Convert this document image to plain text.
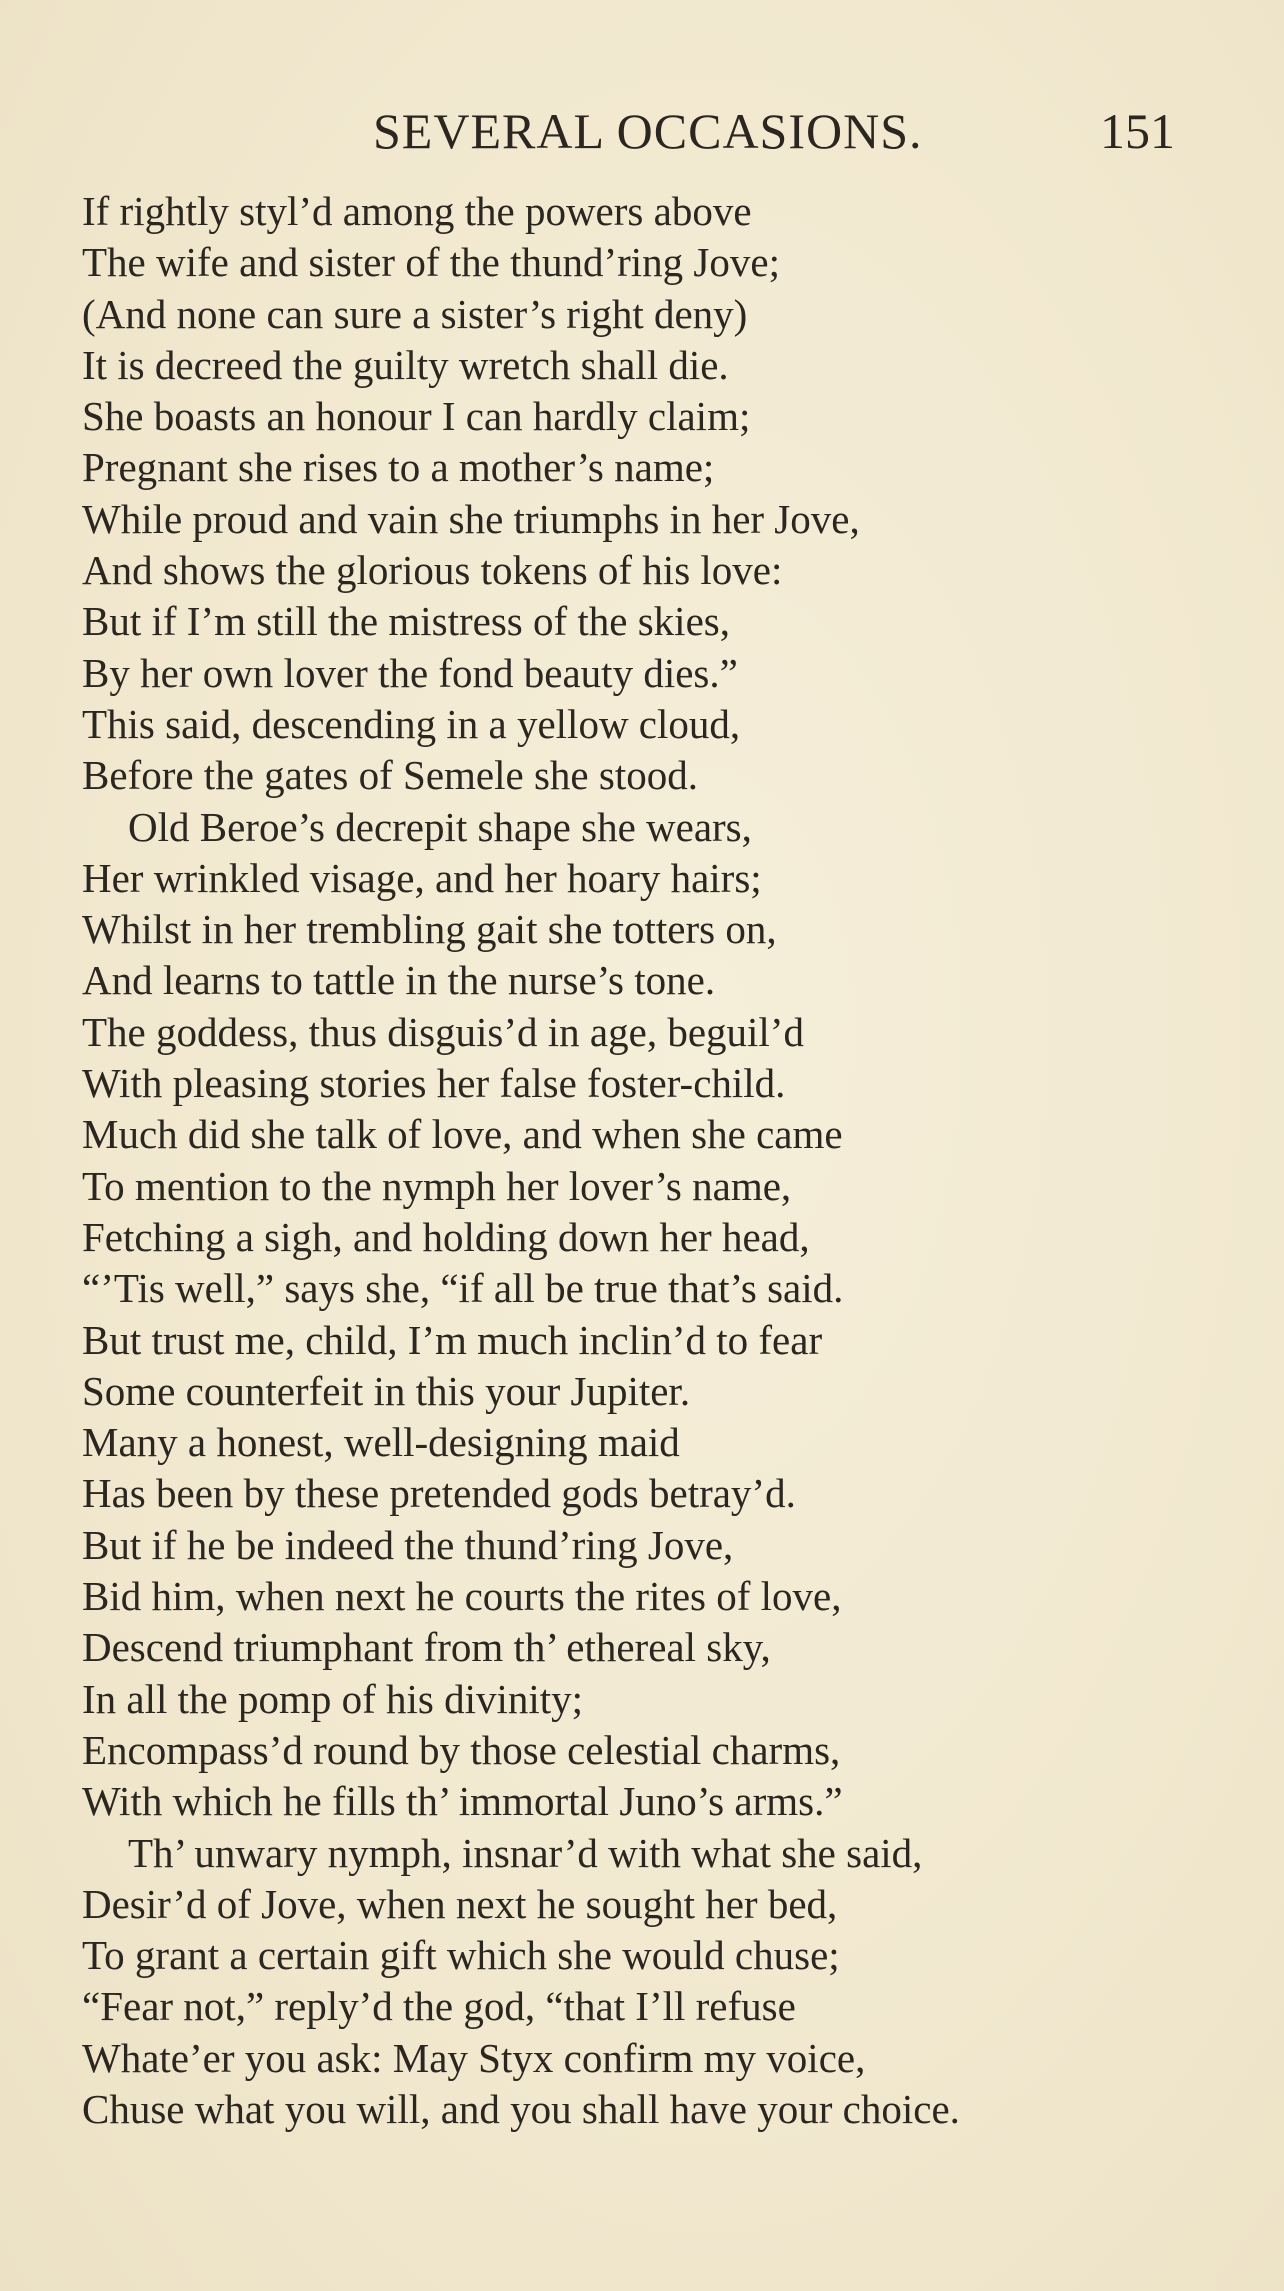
SEVERAL OCCASIONS.	151
If rightly styl’d among the powers above
The wife and sister of the thund’ring Jove;
(And none can sure a sister’s right deny)
It is decreed the guilty wretch shall die.
She boasts an honour I can hardly claim;
Pregnant she rises to a mother’s name;
While proud and vain she triumphs in her Jove,
And shows the glorious tokens of his love:
But if I’m still the mistress of the skies,
By her own lover the fond beauty dies.”
This said, descending in a yellow cloud,
Before the gates of Semele she stood.
Old Beroe’s decrepit shape she wears,
Her wrinkled visage, and her hoary hairs;
Whilst in her trembling gait she totters on,
And learns to tattle in the nurse’s tone.
The goddess, thus disguis’d in age, beguil’d
With pleasing stories her false foster-child.
Much did she talk of love, and when she came
To mention to the nymph her lover’s name,
Fetching a sigh, and holding down her head,
“’Tis well,” says she, “if all be true that’s said.
But trust me, child, I’m much inclin’d to fear
Some counterfeit in this your Jupiter.
Many a honest, well-designing maid
Has been by these pretended gods betray’d.
But if he be indeed the thund’ring Jove,
Bid him, when next he courts the rites of love,
Descend triumphant from th’ ethereal sky,
In all the pomp of his divinity;
Encompass’d round by those celestial charms,
With which he fills th’ immortal Juno’s arms.”
Th’ unwary nymph, insnar’d with what she said,
Desir’d of Jove, when next he sought her bed,
To grant a certain gift which she would chuse;
“Fear not,” reply’d the god, “that I’ll refuse
Whate’er you ask: May Styx confirm my voice,
Chuse what you will, and you shall have your choice.
